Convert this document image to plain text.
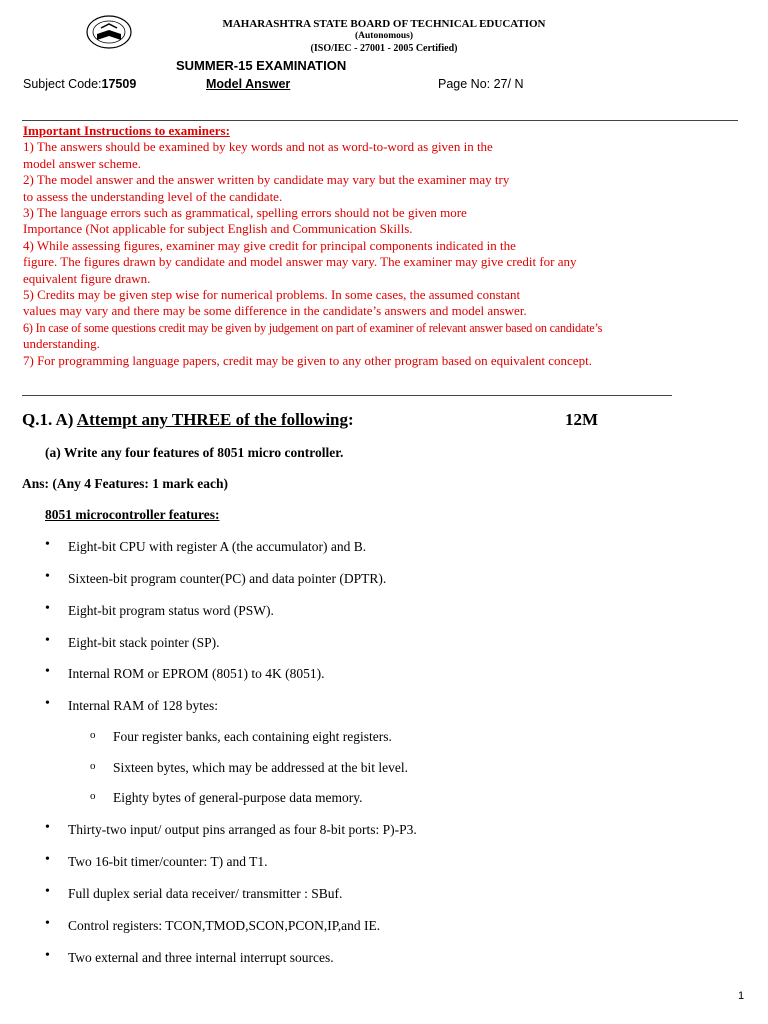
· · · ·	MAHARASHTRA STATE BOARD OF TECHNICAL EDUCATION
(Autonomous)
(ISO/IEC - 27001 - 2005 Certified)
SUMMER-15 EXAMINATION
Subject Code:17509	Model Answer	Page No: 27/ N
Important Instructions to examiners:
1) The answers should be examined by key words and not as word-to-word as given in the
model answer scheme.
2) The model answer and the answer written by candidate may vary but the examiner may try
to assess the understanding level of the candidate.
3) The language errors such as grammatical, spelling errors should not be given more
Importance (Not applicable for subject English and Communication Skills.
4) While assessing figures, examiner may give credit for principal components indicated in the
figure. The figures drawn by candidate and model answer may vary. The examiner may give credit for any
equivalent figure drawn.
5) Credits may be given step wise for numerical problems. In some cases, the assumed constant
values may vary and there may be some difference in the candidate’s answers and model answer.
6) In case of some questions credit may be given by judgement on part of examiner of relevant answer based on candidate’s
understanding.
7) For programming language papers, credit may be given to any other program based on equivalent concept.
Q.1. A) Attempt any THREE of the following:	12M
(a) Write any four features of 8051 micro controller.
Ans: (Any 4 Features: 1 mark each)
8051 microcontroller features:
• Eight-bit CPU with register A (the accumulator) and B.
• Sixteen-bit program counter(PC) and data pointer (DPTR).
• Eight-bit program status word (PSW).
• Eight-bit stack pointer (SP).
• Internal ROM or EPROM (8051) to 4K (8051).
• Internal RAM of 128 bytes:
o Four register banks, each containing eight registers.
o Sixteen bytes, which may be addressed at the bit level.
o Eighty bytes of general-purpose data memory.
• Thirty-two input/ output pins arranged as four 8-bit ports: P)-P3.
• Two 16-bit timer/counter: T) and T1.
• Full duplex serial data receiver/ transmitter : SBuf.
• Control registers: TCON,TMOD,SCON,PCON,IP,and IE.
• Two external and three internal interrupt sources.
1
